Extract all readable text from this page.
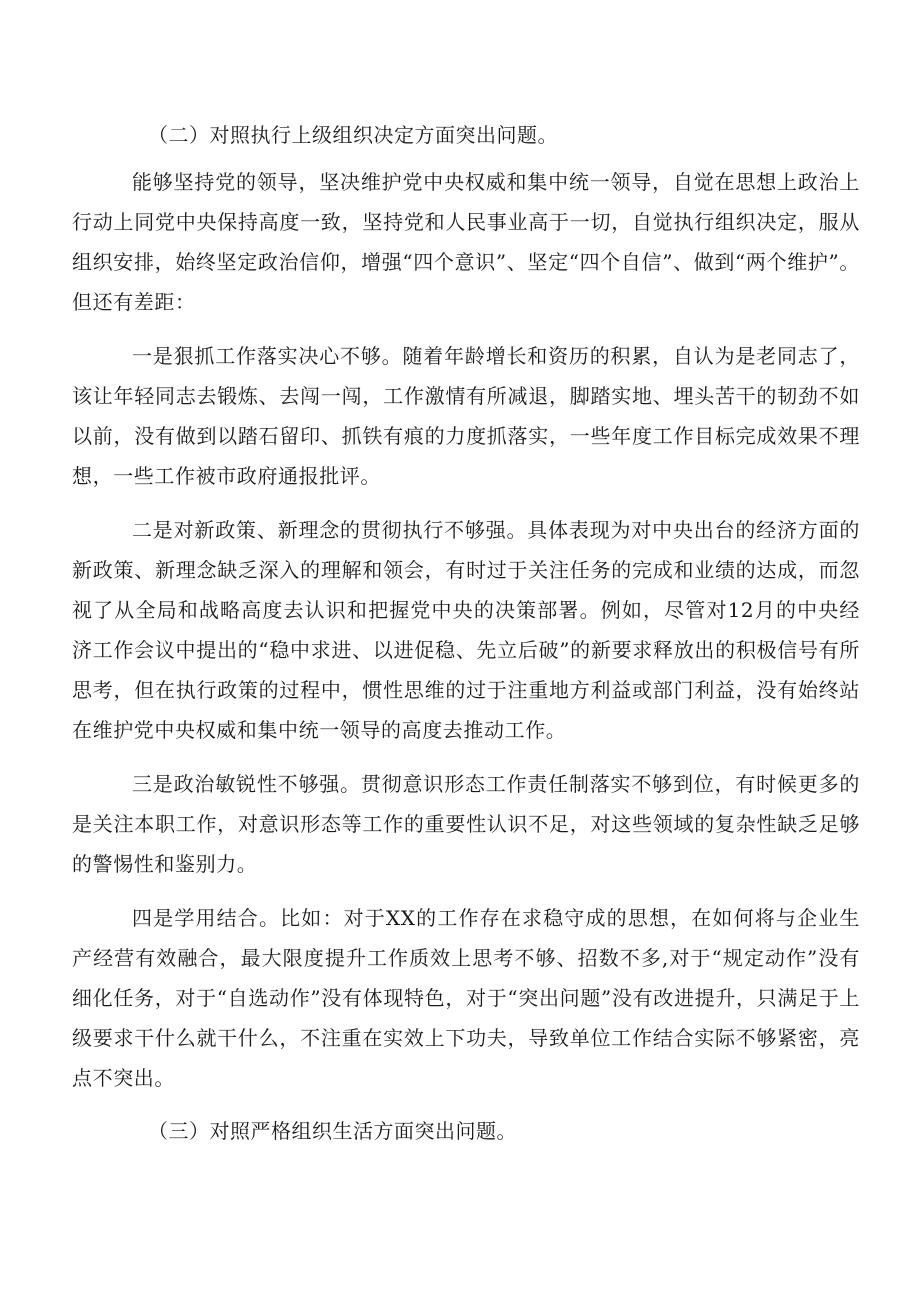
（二）对照执行上级组织决定方面突出问题。

能够坚持党的领导，坚决维护党中央权威和集中统一领导，自觉在思想上政治上行动上同党中央保持高度一致，坚持党和人民事业高于一切，自觉执行组织决定，服从组织安排，始终坚定政治信仰，增强“四个意识”、坚定“四个自信”、做到“两个维护”。但还有差距：

一是狠抓工作落实决心不够。随着年龄增长和资历的积累，自认为是老同志了，该让年轻同志去锻炼、去闯一闯，工作激情有所减退，脚踏实地、埋头苦干的韧劲不如以前，没有做到以踏石留印、抓铁有痕的力度抓落实，一些年度工作目标完成效果不理想，一些工作被市政府通报批评。

二是对新政策、新理念的贯彻执行不够强。具体表现为对中央出台的经济方面的新政策、新理念缺乏深入的理解和领会，有时过于关注任务的完成和业绩的达成，而忽视了从全局和战略高度去认识和把握党中央的决策部署。例如，尽管对12月的中央经济工作会议中提出的“稳中求进、以进促稳、先立后破”的新要求释放出的积极信号有所思考，但在执行政策的过程中，惯性思维的过于注重地方利益或部门利益，没有始终站在维护党中央权威和集中统一领导的高度去推动工作。

三是政治敏锐性不够强。贯彻意识形态工作责任制落实不够到位，有时候更多的是关注本职工作，对意识形态等工作的重要性认识不足，对这些领域的复杂性缺乏足够的警惕性和鉴别力。

四是学用结合。比如：对于XX的工作存在求稳守成的思想，在如何将与企业生产经营有效融合，最大限度提升工作质效上思考不够、招数不多,对于“规定动作”没有细化任务，对于“自选动作”没有体现特色，对于“突出问题”没有改进提升，只满足于上级要求干什么就干什么，不注重在实效上下功夫，导致单位工作结合实际不够紧密，亮点不突出。

（三）对照严格组织生活方面突出问题。
